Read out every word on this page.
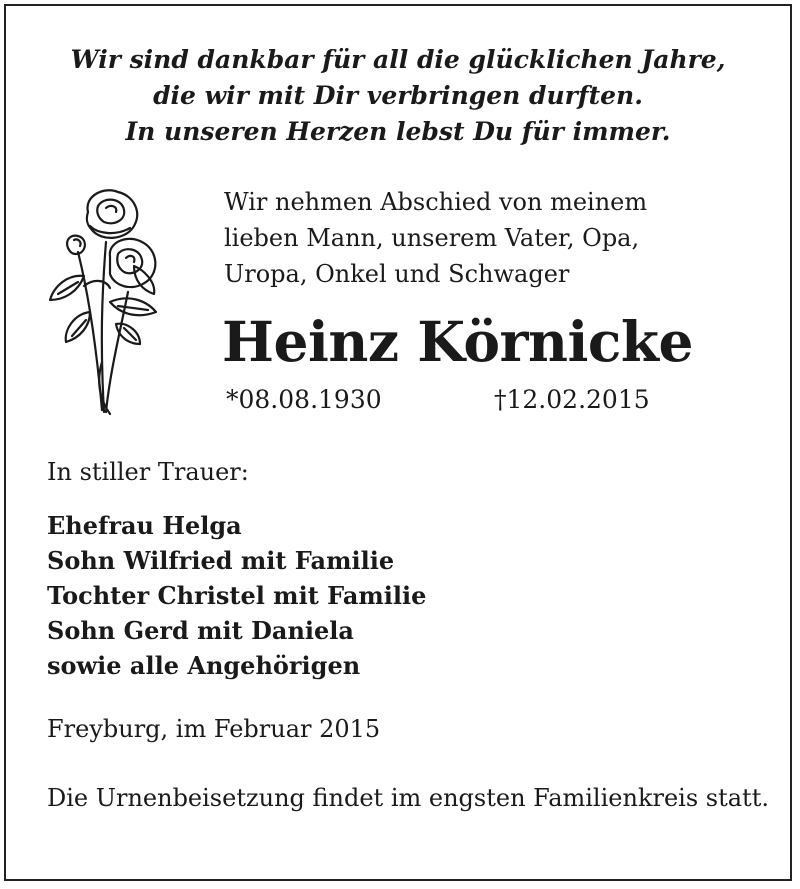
Wir sind dankbar für all die glücklichen Jahre,
die wir mit Dir verbringen durften.
In unseren Herzen lebst Du für immer.
Wir nehmen Abschied von meinem
lieben Mann, unserem Vater, Opa,
Uropa, Onkel und Schwager
Heinz Körnicke
*08.08.1930	†12.02.2015

In stiller Trauer:

Ehefrau Helga
Sohn Wilfried mit Familie
Tochter Christel mit Familie
Sohn Gerd mit Daniela
sowie alle Angehörigen

Freyburg, im Februar 2015

Die Urnenbeisetzung findet im engsten Familienkreis statt.
